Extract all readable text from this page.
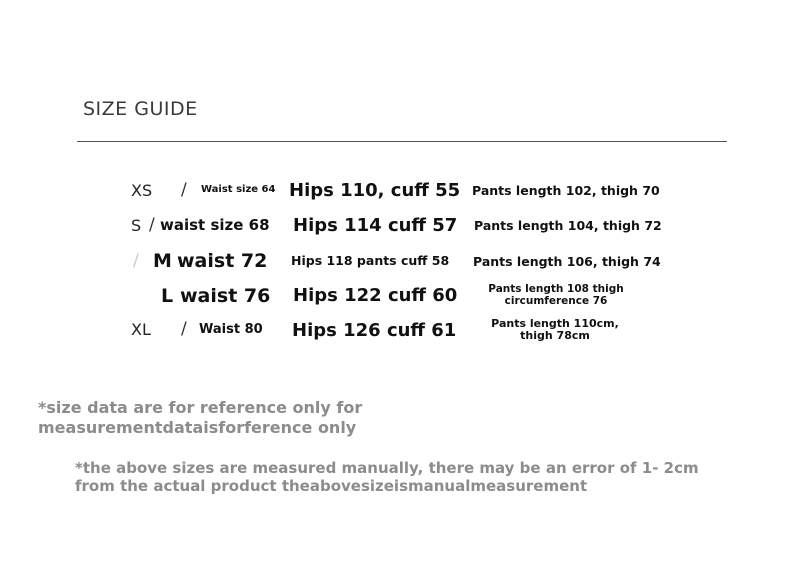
SIZE GUIDE
XS / Waist size 64 Hips 110, cuff 55 Pants length 102, thigh 70
S / waist size 68 Hips 114 cuff 57 Pants length 104, thigh 72
/ M waist 72 Hips 118 pants cuff 58 Pants length 106, thigh 74
L waist 76 Hips 122 cuff 60	Pants length 108 thigh circumference 76
XL / Waist 80 Hips 126 cuff 61	Pants length 110cm, thigh 78cm
*size data are for reference only for
measurementdataisforference only
*the above sizes are measured manually, there may be an error of 1- 2cm
from the actual product theabovesizeismanualmeasurement
